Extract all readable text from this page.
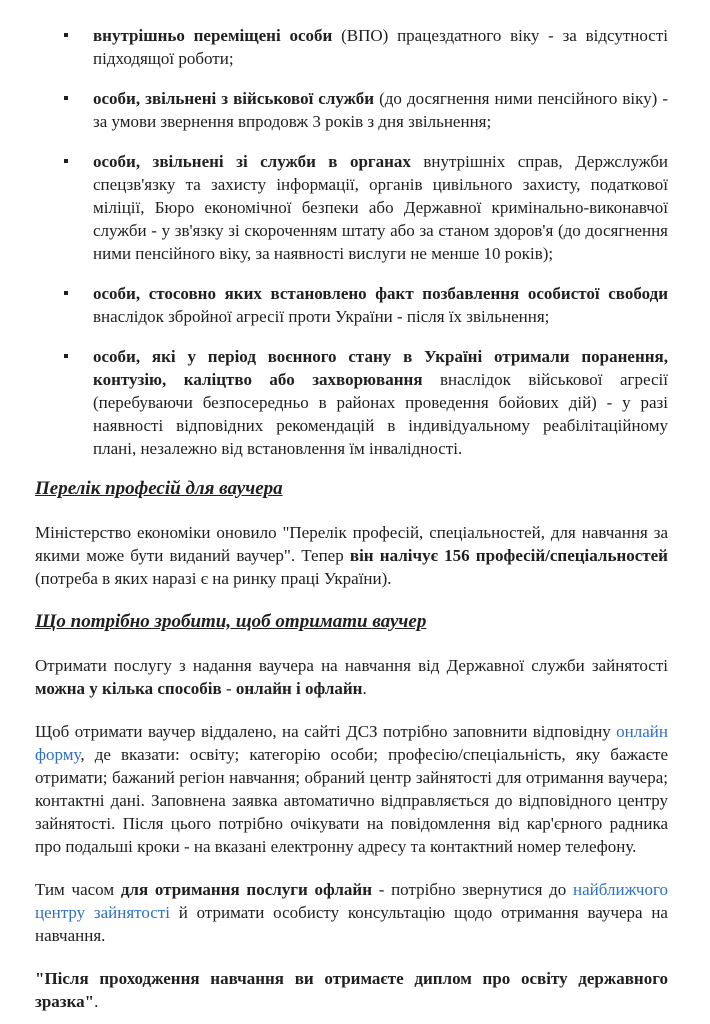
внутрішньо переміщені особи (ВПО) працездатного віку - за відсутності підходящої роботи;
особи, звільнені з військової служби (до досягнення ними пенсійного віку) - за умови звернення впродовж 3 років з дня звільнення;
особи, звільнені зі служби в органах внутрішніх справ, Держслужби спецзв'язку та захисту інформації, органів цивільного захисту, податкової міліції, Бюро економічної безпеки або Державної кримінально-виконавчої служби - у зв'язку зі скороченням штату або за станом здоров'я (до досягнення ними пенсійного віку, за наявності вислуги не менше 10 років);
особи, стосовно яких встановлено факт позбавлення особистої свободи внаслідок збройної агресії проти України - після їх звільнення;
особи, які у період воєнного стану в Україні отримали поранення, контузію, каліцтво або захворювання внаслідок військової агресії (перебуваючи безпосередньо в районах проведення бойових дій) - у разі наявності відповідних рекомендацій в індивідуальному реабілітаційному плані, незалежно від встановлення їм інвалідності.
Перелік професій для ваучера

Міністерство економіки оновило "Перелік професій, спеціальностей, для навчання за якими може бути виданий ваучер". Тепер він налічує 156 професій/спеціальностей (потреба в яких наразі є на ринку праці України).

Що потрібно зробити, щоб отримати ваучер

Отримати послугу з надання ваучера на навчання від Державної служби зайнятості можна у кілька способів - онлайн і офлайн.

Щоб отримати ваучер віддалено, на сайті ДСЗ потрібно заповнити відповідну онлайн форму, де вказати: освіту; категорію особи; професію/спеціальність, яку бажаєте отримати; бажаний регіон навчання; обраний центр зайнятості для отримання ваучера; контактні дані. Заповнена заявка автоматично відправляється до відповідного центру зайнятості. Після цього потрібно очікувати на повідомлення від кар'єрного радника про подальші кроки - на вказані електронну адресу та контактний номер телефону.

Тим часом для отримання послуги офлайн - потрібно звернутися до найближчого центру зайнятості й отримати особисту консультацію щодо отримання ваучера на навчання.

"Після проходження навчання ви отримаєте диплом про освіту державного зразка".
